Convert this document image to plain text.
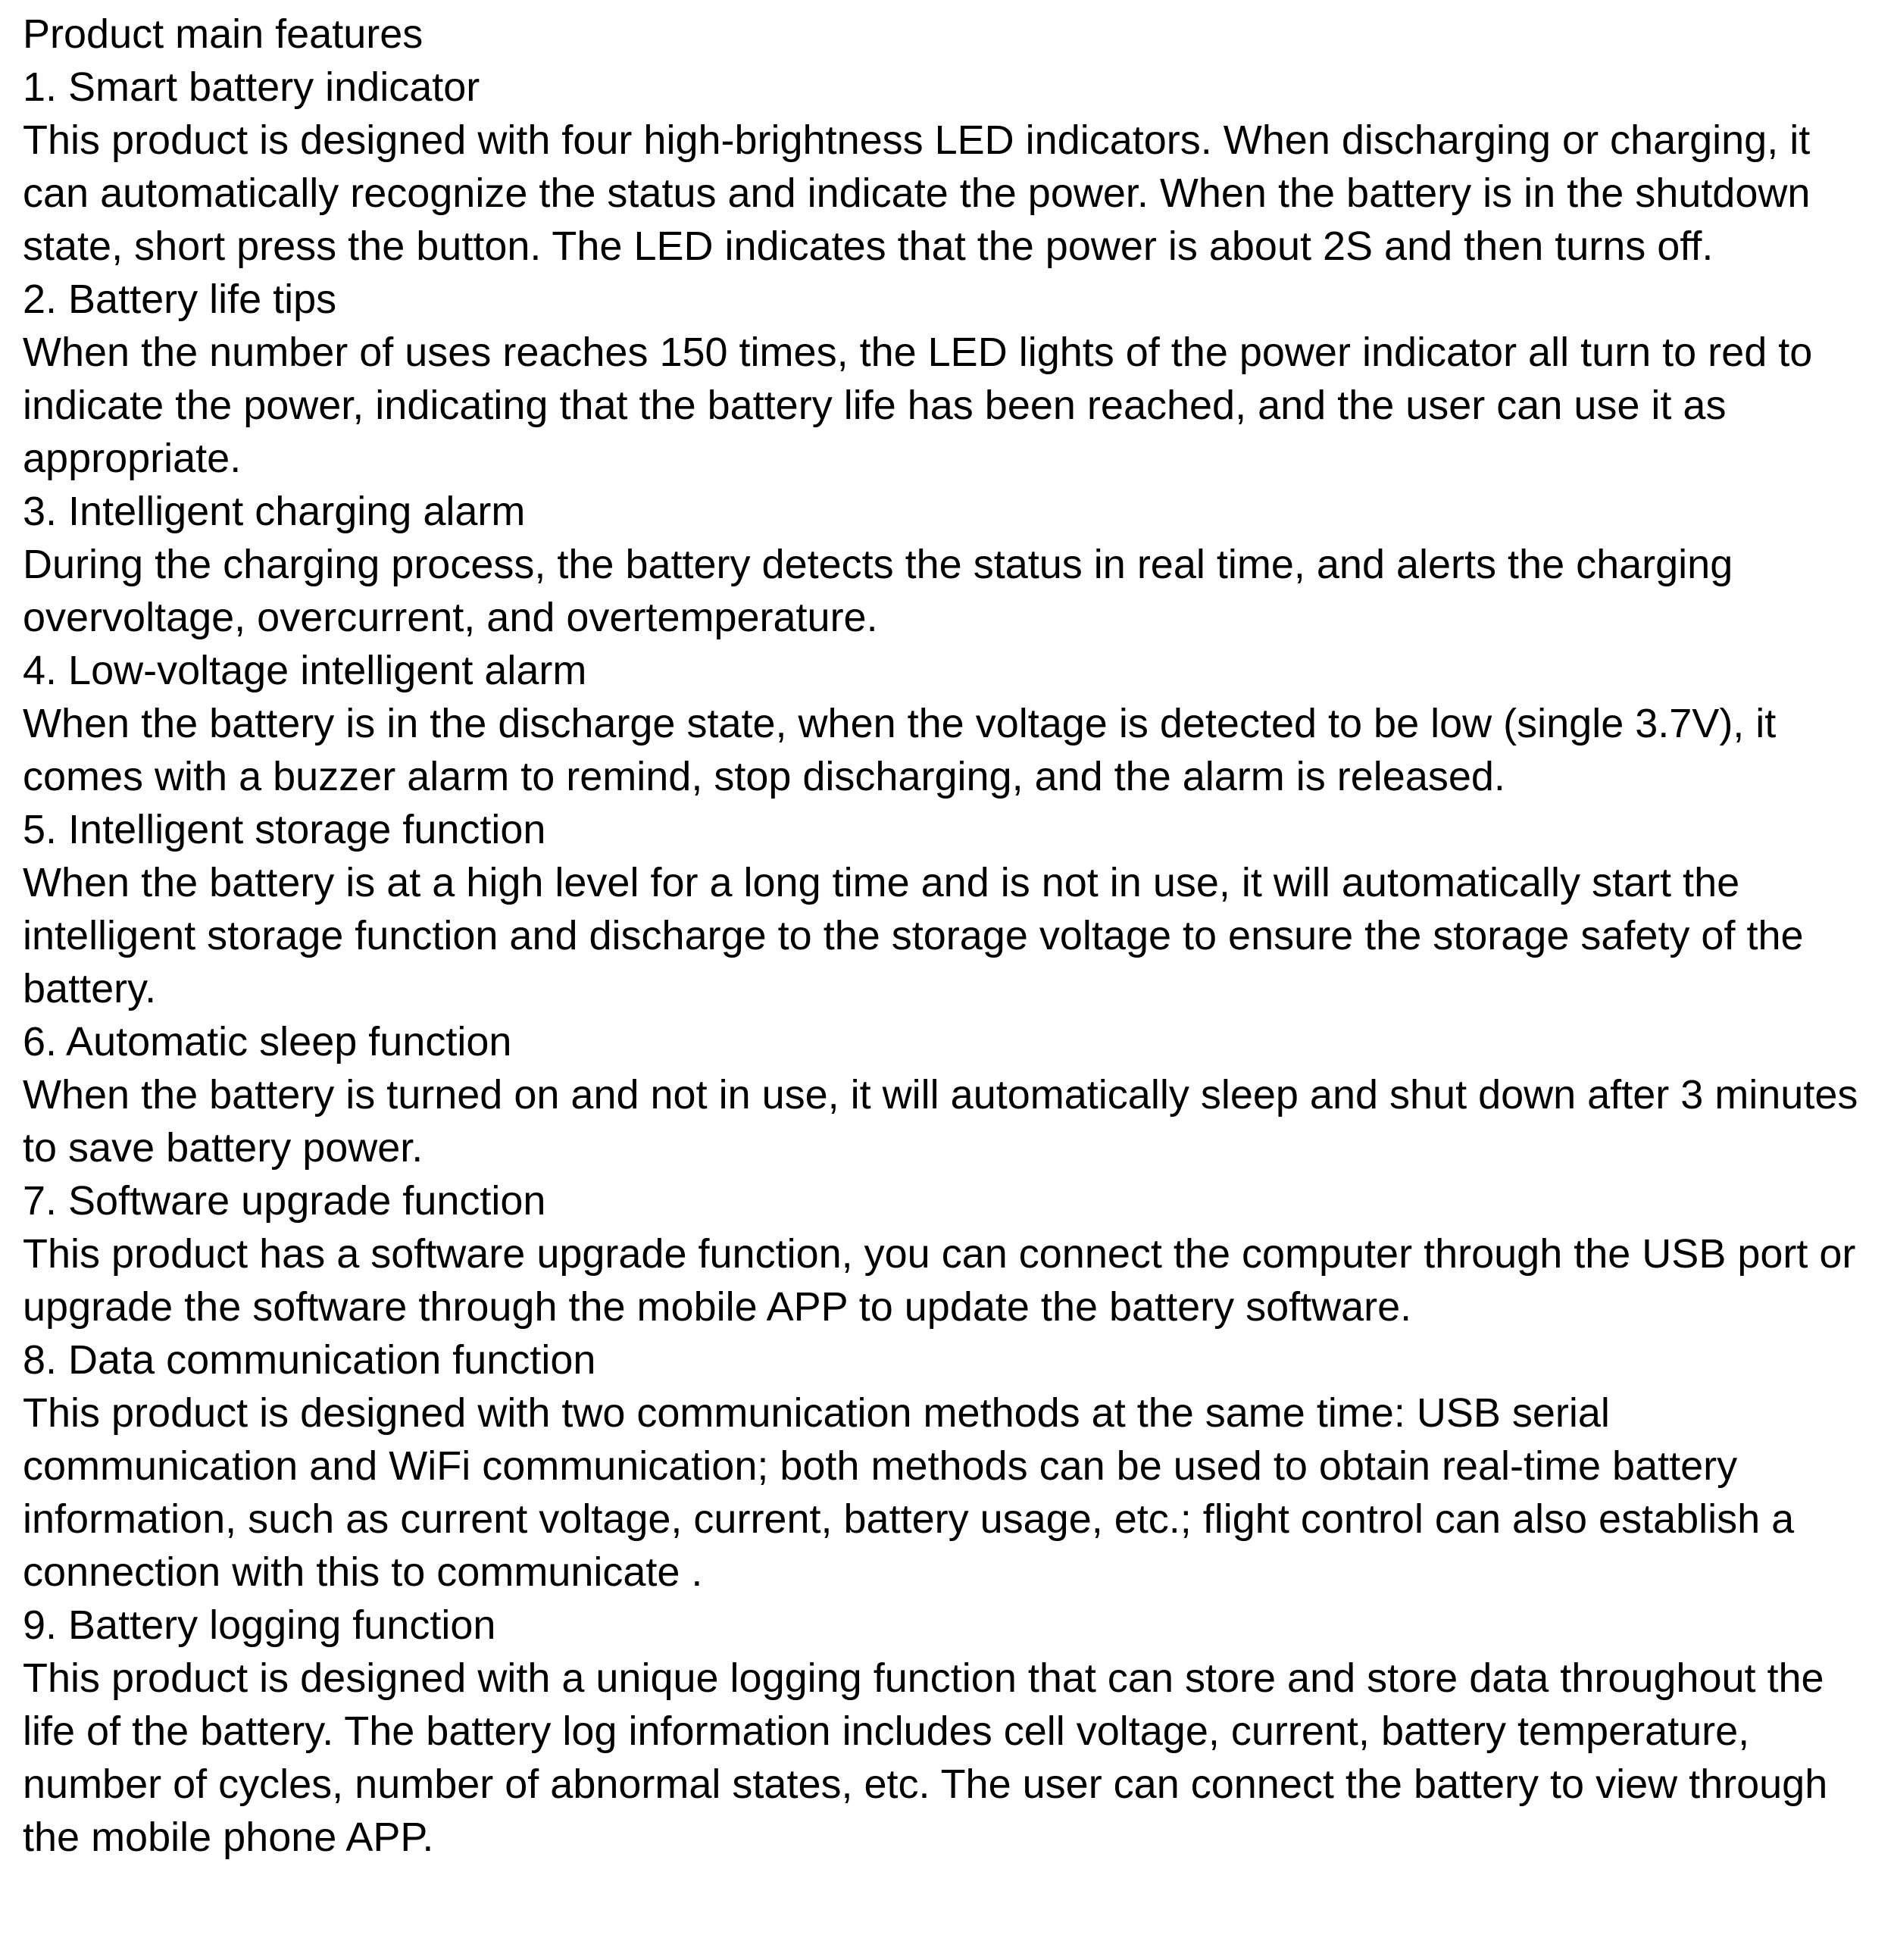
Product main features

1. Smart battery indicator

This product is designed with four high-brightness LED indicators. When discharging or charging, it can automatically recognize the status and indicate the power. When the battery is in the shutdown state, short press the button. The LED indicates that the power is about 2S and then turns off.

2. Battery life tips

When the number of uses reaches 150 times, the LED lights of the power indicator all turn to red to indicate the power, indicating that the battery life has been reached, and the user can use it as appropriate.

3. Intelligent charging alarm

During the charging process, the battery detects the status in real time, and alerts the charging overvoltage, overcurrent, and overtemperature.

4. Low-voltage intelligent alarm

When the battery is in the discharge state, when the voltage is detected to be low (single 3.7V), it comes with a buzzer alarm to remind, stop discharging, and the alarm is released.

5. Intelligent storage function

When the battery is at a high level for a long time and is not in use, it will automatically start the intelligent storage function and discharge to the storage voltage to ensure the storage safety of the battery.

6. Automatic sleep function

When the battery is turned on and not in use, it will automatically sleep and shut down after 3 minutes to save battery power.

7. Software upgrade function

This product has a software upgrade function, you can connect the computer through the USB port or upgrade the software through the mobile APP to update the battery software.

8. Data communication function

This product is designed with two communication methods at the same time: USB serial communication and WiFi communication; both methods can be used to obtain real-time battery information, such as current voltage, current, battery usage, etc.; flight control can also establish a connection with this to communicate .

9. Battery logging function

This product is designed with a unique logging function that can store and store data throughout the life of the battery. The battery log information includes cell voltage, current, battery temperature, number of cycles, number of abnormal states, etc. The user can connect the battery to view through the mobile phone APP.
